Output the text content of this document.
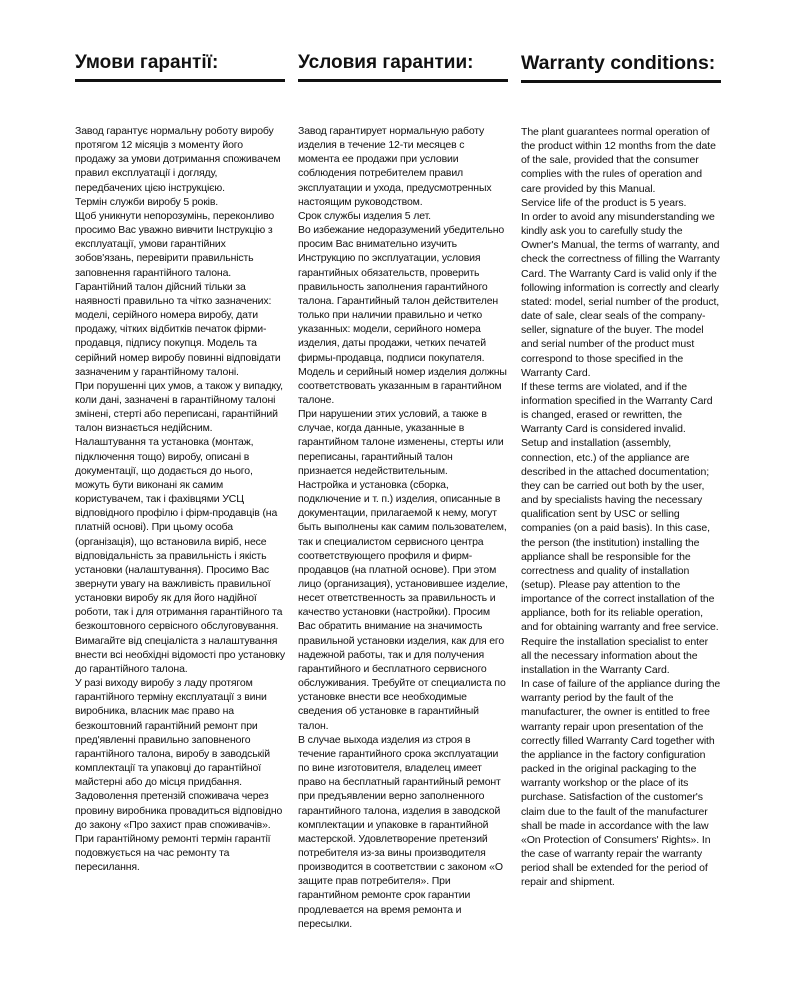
Умови гарантії:

Завод гарантує нормальну роботу виробу протягом 12 місяців з моменту його продажу за умови дотримання споживачем правил експлуатації і догляду, передбачених цією інструкцією.

Термін служби виробу 5 років.

Щоб уникнути непорозумінь, переконливо просимо Вас уважно вивчити Інструкцію з експлуатації, умови гарантійних зобов'язань, перевірити правильність заповнення гарантійного талона. Гарантійний талон дійсний тільки за наявності правильно та чітко зазначених: моделі, серійного номера виробу, дати продажу, чітких відбитків печаток фірми-продавця, підпису покупця. Модель та серійний номер виробу повинні відповідати зазначеним у гарантійному талоні.

При порушенні цих умов, а також у випадку, коли дані, зазначені в гарантійному талоні змінені, стерті або переписані, гарантійний талон визнається недійсним.

Налаштування та установка (монтаж, підключення тощо) виробу, описані в документації, що додається до нього, можуть бути виконані як самим користувачем, так і фахівцями УСЦ відповідного профілю і фірм-продавців (на платній основі). При цьому особа (організація), що встановила виріб, несе відповідальність за правильність і якість установки (налаштування). Просимо Вас звернути увагу на важливість правильної установки виробу як для його надійної роботи, так і для отримання гарантійного та безкоштовного сервісного обслуговування. Вимагайте від спеціаліста з налаштування внести всі необхідні відомості про установку до гарантійного талона.

У разі виходу виробу з ладу протягом гарантійного терміну експлуатації з вини виробника, власник має право на безкоштовний гарантійний ремонт при пред'явленні правильно заповненого гарантійного талона, виробу в заводській комплектації та упаковці до гарантійної майстерні або до місця придбання. Задоволення претензій споживача через провину виробника провадиться відповідно до закону «Про захист прав споживачів». При гарантійному ремонті термін гарантії подовжується на час ремонту та пересилання.

Условия гарантии:

Завод гарантирует нормальную работу изделия в течение 12-ти месяцев с момента ее продажи при условии соблюдения потребителем правил эксплуатации и ухода, предусмотренных настоящим руководством.

Срок службы изделия 5 лет.

Во избежание недоразумений убедительно просим Вас внимательно изучить Инструкцию по эксплуатации, условия гарантийных обязательств, проверить правильность заполнения гарантийного талона. Гарантийный талон действителен только при наличии правильно и четко указанных: модели, серийного номера изделия, даты продажи, четких печатей фирмы-продавца, подписи покупателя. Модель и серийный номер изделия должны соответствовать указанным в гарантийном талоне.

При нарушении этих условий, а также в случае, когда данные, указанные в гарантийном талоне изменены, стерты или переписаны, гарантийный талон признается недействительным.

Настройка и установка (сборка, подключение и т. п.) изделия, описанные в документации, прилагаемой к нему, могут быть выполнены как самим пользователем, так и специалистом сервисного центра соответствующего профиля и фирм-продавцов (на платной основе). При этом лицо (организация), установившее изделие, несет ответственность за правильность и качество установки (настройки). Просим Вас обратить внимание на значимость правильной установки изделия, как для его надежной работы, так и для получения гарантийного и бесплатного сервисного обслуживания. Требуйте от специалиста по установке внести все необходимые сведения об установке в гарантийный талон.

В случае выхода изделия из строя в течение гарантийного срока эксплуатации по вине изготовителя, владелец имеет право на бесплатный гарантийный ремонт при предъявлении верно заполненного гарантийного талона, изделия в заводской комплектации и упаковке в гарантийной мастерской. Удовлетворение претензий потребителя из-за вины производителя производится в соответствии с законом «О защите прав потребителя». При гарантийном ремонте срок гарантии продлевается на время ремонта и пересылки.

Warranty conditions:

The plant guarantees normal operation of the product within 12 months from the date of the sale, provided that the consumer complies with the rules of operation and care provided by this Manual.

Service life of the product is 5 years.

In order to avoid any misunderstanding we kindly ask you to carefully study the Owner's Manual, the terms of warranty, and check the correctness of filling the Warranty Card. The Warranty Card is valid only if the following information is correctly and clearly stated: model, serial number of the product, date of sale, clear seals of the company-seller, signature of the buyer. The model and serial number of the product must correspond to those specified in the Warranty Card.

If these terms are violated, and if the information specified in the Warranty Card is changed, erased or rewritten, the Warranty Card is considered invalid.

Setup and installation (assembly, connection, etc.) of the appliance are described in the attached documentation; they can be carried out both by the user, and by specialists having the necessary qualification sent by USC or selling companies (on a paid basis). In this case, the person (the institution) installing the appliance shall be responsible for the correctness and quality of installation (setup). Please pay attention to the importance of the correct installation of the appliance, both for its reliable operation, and for obtaining warranty and free service. Require the installation specialist to enter all the necessary information about the installation in the Warranty Card.

In case of failure of the appliance during the warranty period by the fault of the manufacturer, the owner is entitled to free warranty repair upon presentation of the correctly filled Warranty Card together with the appliance in the factory configuration packed in the original packaging to the warranty workshop or the place of its purchase. Satisfaction of the customer's claim due to the fault of the manufacturer shall be made in accordance with the law «On Protection of Consumers' Rights». In the case of warranty repair the warranty period shall be extended for the period of repair and shipment.
